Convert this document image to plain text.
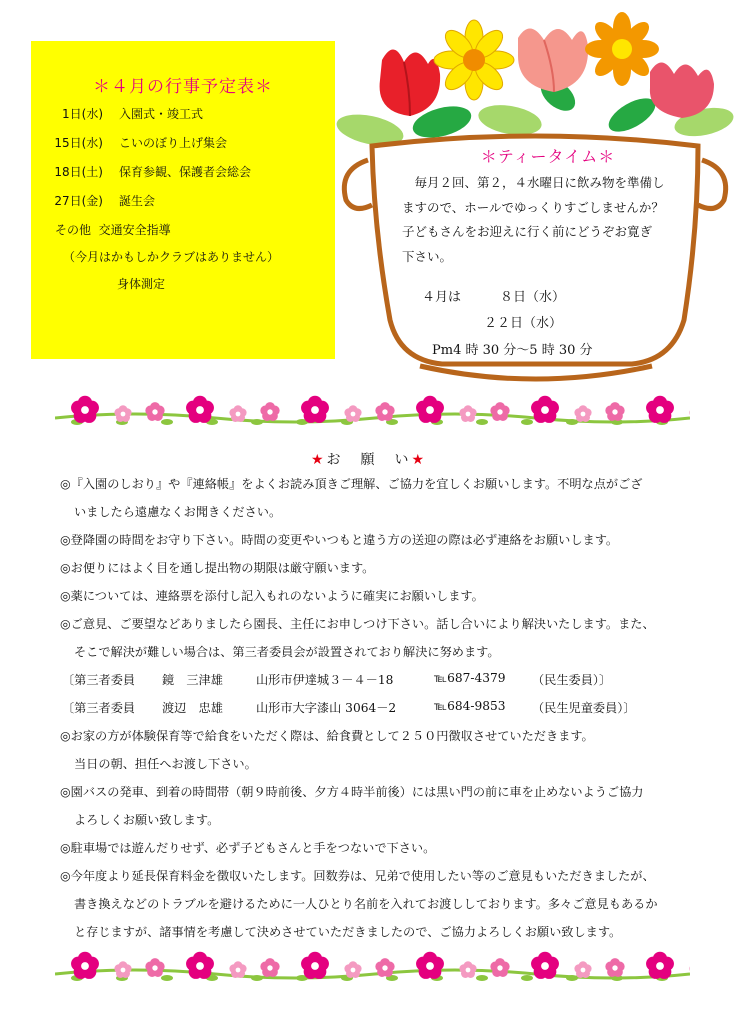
＊４月の行事予定表＊
1日(水) 入園式・竣工式
15日(水) こいのぼり上げ集会
18日(土) 保育参観、保護者会総会
27日(金) 誕生会
その他 交通安全指導
（今月はかもしかクラブはありません）
身体測定
＊ティータイム＊
　毎月２回、第２，４水曜日に飲み物を準備し
ますので、ホールでゆっくりすごしませんか？
子どもさんをお迎えに行く前にどうぞお寛ぎ
下さい。
４月は	８日（水）
２２日（水）
Pm4 時 30 分～5 時 30 分
★お　願　い★
◎『入園のしおり』や『連絡帳』をよくお読み頂きご理解、ご協力を宜しくお願いします。不明な点がござ
いましたら遠慮なくお聞きください。
◎登降園の時間をお守り下さい。時間の変更やいつもと違う方の送迎の際は必ず連絡をお願いします。
◎お便りにはよく目を通し提出物の期限は厳守願います。
◎薬については、連絡票を添付し記入もれのないように確実にお願いします。
◎ご意見、ご要望などありましたら園長、主任にお申しつけ下さい。話し合いにより解決いたします。また、
そこで解決が難しい場合は、第三者委員会が設置されており解決に努めます。
〔第三者委員 鏡　三津雄	山形市伊達城３－４－18	℡687-4379 （民生委員）〕
〔第三者委員 渡辺　忠雄	山形市大字漆山 3064－2	℡684-9853 （民生児童委員）〕
◎お家の方が体験保育等で給食をいただく際は、給食費として２５０円徴収させていただきます。
当日の朝、担任へお渡し下さい。
◎園バスの発車、到着の時間帯（朝９時前後、夕方４時半前後）には黒い門の前に車を止めないようご協力
よろしくお願い致します。
◎駐車場では遊んだりせず、必ず子どもさんと手をつないで下さい。
◎今年度より延長保育料金を徴収いたします。回数券は、兄弟で使用したい等のご意見もいただきましたが、
書き換えなどのトラブルを避けるために一人ひとり名前を入れてお渡ししております。多々ご意見もあるか
と存じますが、諸事情を考慮して決めさせていただきましたので、ご協力よろしくお願い致します。
